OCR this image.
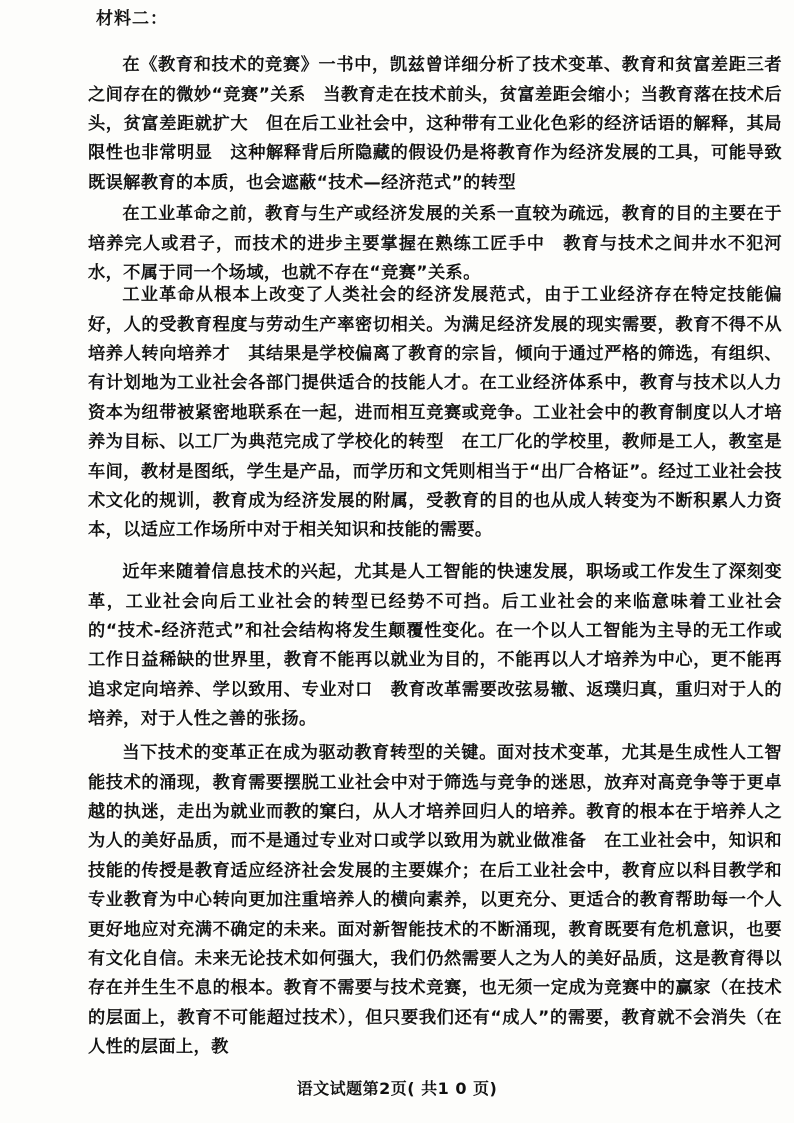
材料二：

在《教育和技术的竞赛》一书中，凯兹曾详细分析了技术变革、教育和贫富差距三者之间存在的微妙“竞赛”关系　当教育走在技术前头，贫富差距会缩小；当教育落在技术后头，贫富差距就扩大　但在后工业社会中，这种带有工业化色彩的经济话语的解释，其局限性也非常明显　这种解释背后所隐藏的假设仍是将教育作为经济发展的工具，可能导致既误解教育的本质，也会遮蔽“技术—经济范式”的转型

在工业革命之前，教育与生产或经济发展的关系一直较为疏远，教育的目的主要在于培养完人或君子，而技术的进步主要掌握在熟练工匠手中　教育与技术之间井水不犯河水，不属于同一个场域，也就不存在“竞赛”关系。

工业革命从根本上改变了人类社会的经济发展范式，由于工业经济存在特定技能偏好，人的受教育程度与劳动生产率密切相关。为满足经济发展的现实需要，教育不得不从培养人转向培养才　其结果是学校偏离了教育的宗旨，倾向于通过严格的筛选，有组织、有计划地为工业社会各部门提供适合的技能人才。在工业经济体系中，教育与技术以人力资本为纽带被紧密地联系在一起，进而相互竞赛或竞争。工业社会中的教育制度以人才培养为目标、以工厂为典范完成了学校化的转型　在工厂化的学校里，教师是工人，教室是车间，教材是图纸，学生是产品，而学历和文凭则相当于“出厂合格证”。经过工业社会技术文化的规训，教育成为经济发展的附属，受教育的目的也从成人转变为不断积累人力资本，以适应工作场所中对于相关知识和技能的需要。

近年来随着信息技术的兴起，尤其是人工智能的快速发展，职场或工作发生了深刻变革，工业社会向后工业社会的转型已经势不可挡。后工业社会的来临意味着工业社会的“技术-经济范式”和社会结构将发生颠覆性变化。在一个以人工智能为主导的无工作或工作日益稀缺的世界里，教育不能再以就业为目的，不能再以人才培养为中心，更不能再追求定向培养、学以致用、专业对口　教育改革需要改弦易辙、返璞归真，重归对于人的培养，对于人性之善的张扬。

当下技术的变革正在成为驱动教育转型的关键。面对技术变革，尤其是生成性人工智能技术的涌现，教育需要摆脱工业社会中对于筛选与竞争的迷思，放弃对高竞争等于更卓越的执迷，走出为就业而教的窠臼，从人才培养回归人的培养。教育的根本在于培养人之为人的美好品质，而不是通过专业对口或学以致用为就业做准备　在工业社会中，知识和技能的传授是教育适应经济社会发展的主要媒介；在后工业社会中，教育应以科目教学和专业教育为中心转向更加注重培养人的横向素养，以更充分、更适合的教育帮助每一个人更好地应对充满不确定的未来。面对新智能技术的不断涌现，教育既要有危机意识，也要有文化自信。未来无论技术如何强大，我们仍然需要人之为人的美好品质，这是教育得以存在并生生不息的根本。教育不需要与技术竞赛，也无须一定成为竞赛中的赢家（在技术的层面上，教育不可能超过技术），但只要我们还有“成人”的需要，教育就不会消失（在人性的层面上，教

语文试题第2页( 共1 0 页)
